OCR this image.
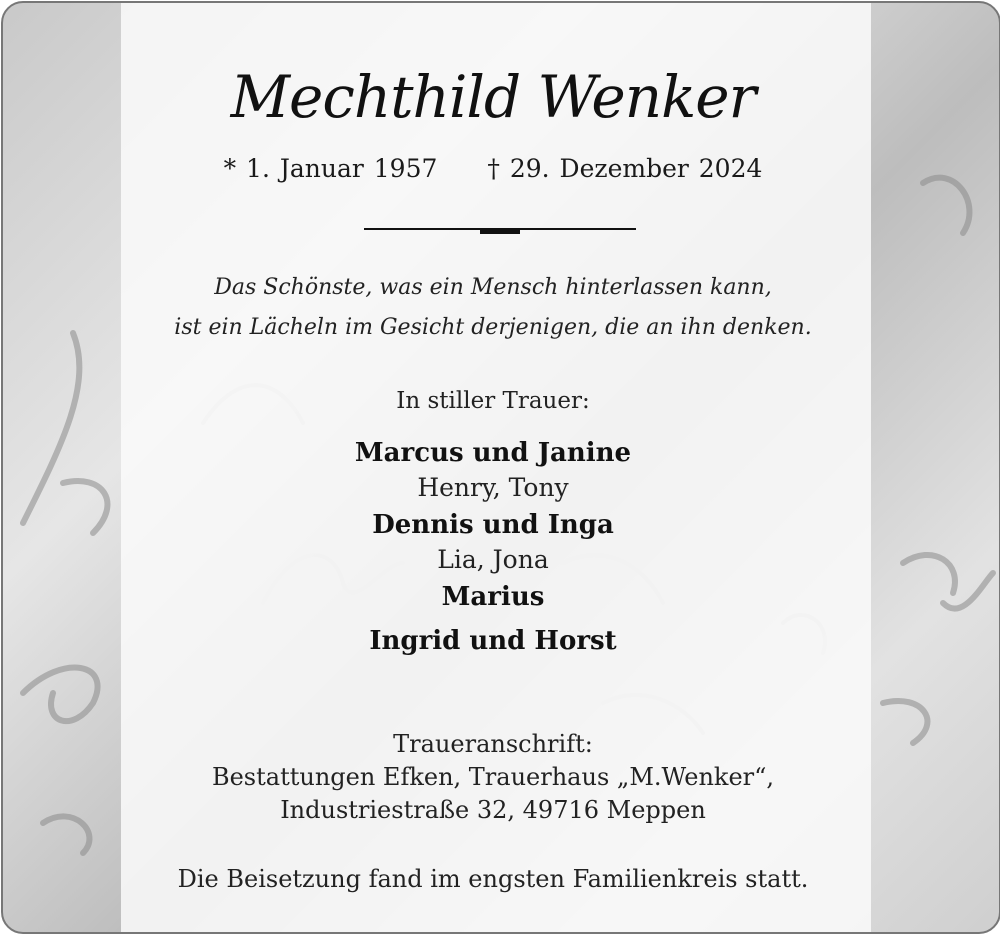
Mechthild Wenker
* 1. Januar 1957 † 29. Dezember 2024
Das Schönste, was ein Mensch hinterlassen kann,
ist ein Lächeln im Gesicht derjenigen, die an ihn denken.
In stiller Trauer:
Marcus und Janine
Henry, Tony
Dennis und Inga
Lia, Jona
Marius
Ingrid und Horst
Traueranschrift:
Bestattungen Efken, Trauerhaus „M.Wenker“,
Industriestraße 32, 49716 Meppen
Die Beisetzung fand im engsten Familienkreis statt.
